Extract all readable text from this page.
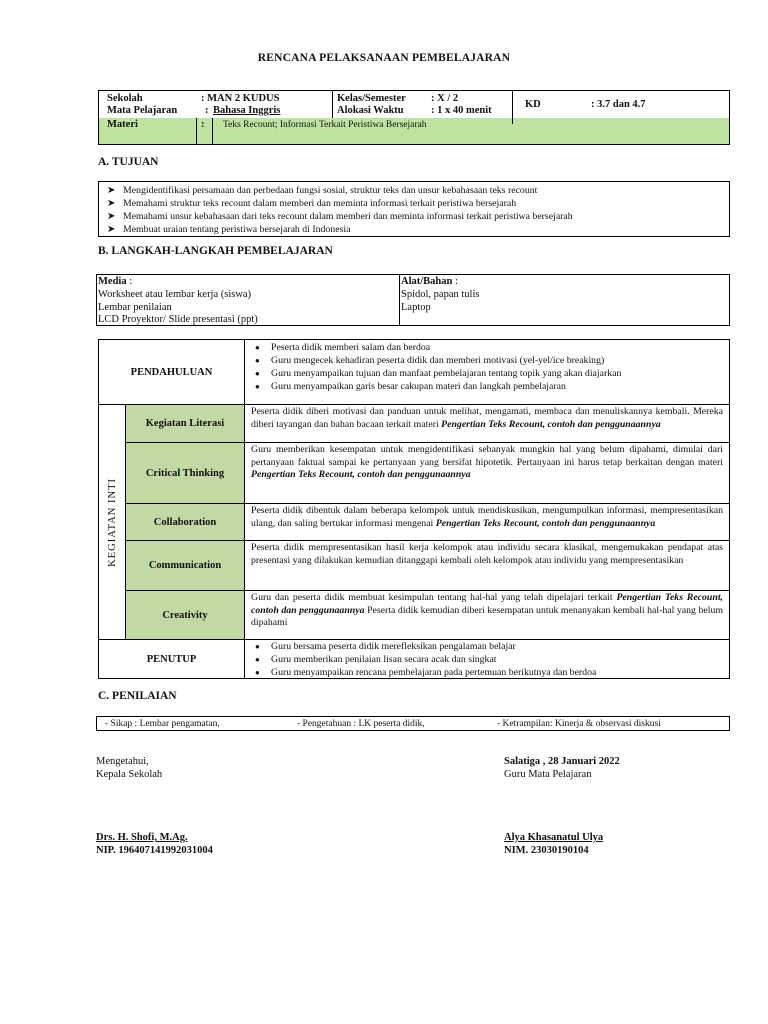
RENCANA PELAKSANAAN PEMBELAJARAN
Sekolah	: MAN 2 KUDUS
Mata Pelajaran	: Bahasa Inggris
Kelas/Semester : X / 2
Alokasi Waktu	: 1 x 40 menit
KD	: 3.7 dan 4.7
Materi	: Teks Recount; Informasi Terkait Peristiwa Bersejarah
A. TUJUAN
➤ Mengidentifikasi persamaan dan perbedaan fungsi sosial, struktur teks dan unsur kebahasaan teks recount
➤ Memahami struktur teks recount dalam memberi dan meminta informasi terkait peristiwa bersejarah
➤ Memahami unsur kebahasaan dari teks recount dalam memberi dan meminta informasi terkait peristiwa bersejarah
➤ Membuat uraian tentang peristiwa bersejarah di Indonesia
B. LANGKAH-LANGKAH PEMBELAJARAN
Media :
Worksheet atau lembar kerja (siswa)
Lembar penilaian
LCD Proyektor/ Slide presentasi (ppt)
Alat/Bahan :
Spidol, papan tulis
Laptop
PENDAHULUAN
● Peserta didik memberi salam dan berdoa
● Guru mengecek kehadiran peserta didik dan memberi motivasi (yel-yel/ice breaking)
● Guru menyampaikan tujuan dan manfaat pembelajaran tentang topik yang akan diajarkan
● Guru menyampaikan garis besar cakupan materi dan langkah pembelajaran
KEGIATAN INTI
Kegiatan Literasi
Peserta didik diberi motivasi dan panduan untuk melihat, mengamati, membaca dan menuliskannya kembali. Mereka diberi tayangan dan bahan bacaan terkait materi Pengertian Teks Recount, contoh dan penggunaannya
Critical Thinking
Guru memberikan kesempatan untuk mengidentifikasi sebanyak mungkin hal yang belum dipahami, dimulai dari pertanyaan faktual sampai ke pertanyaan yang bersifat hipotetik. Pertanyaan ini harus tetap berkaitan dengan materi Pengertian Teks Recount, contoh dan penggunaannya
Collaboration
Peserta didik dibentuk dalam beberapa kelompok untuk mendiskusikan, mengumpulkan informasi, mempresentasikan ulang, dan saling bertukar informasi mengenai Pengertian Teks Recount, contoh dan penggunaannya
Communication
Peserta didik mempresentasikan hasil kerja kelompok atau individu secara klasikal, mengemukakan pendapat atas presentasi yang dilakukan kemudian ditanggapi kembali oleh kelompok atau individu yang mempresentasikan
Creativity
Guru dan peserta didik membuat kesimpulan tentang hal-hal yang telah dipelajari terkait Pengertian Teks Recount, contoh dan penggunaannya Peserta didik kemudian diberi kesempatan untuk menanyakan kembali hal-hal yang belum dipahami
PENUTUP
● Guru bersama peserta didik merefleksikan pengalaman belajar
● Guru memberikan penilaian lisan secara acak dan singkat
● Guru menyampaikan rencana pembelajaran pada pertemuan berikutnya dan berdoa
C. PENILAIAN
- Sikap : Lembar pengamatan,	- Pengetahuan : LK peserta didik,	- Ketrampilan: Kinerja & observasi diskusi
Mengetahui,
Kepala Sekolah
Drs. H. Shofi, M.Ag.
NIP. 196407141992031004
Salatiga , 28 Januari 2022
Guru Mata Pelajaran
Alya Khasanatul Ulya
NIM. 23030190104
